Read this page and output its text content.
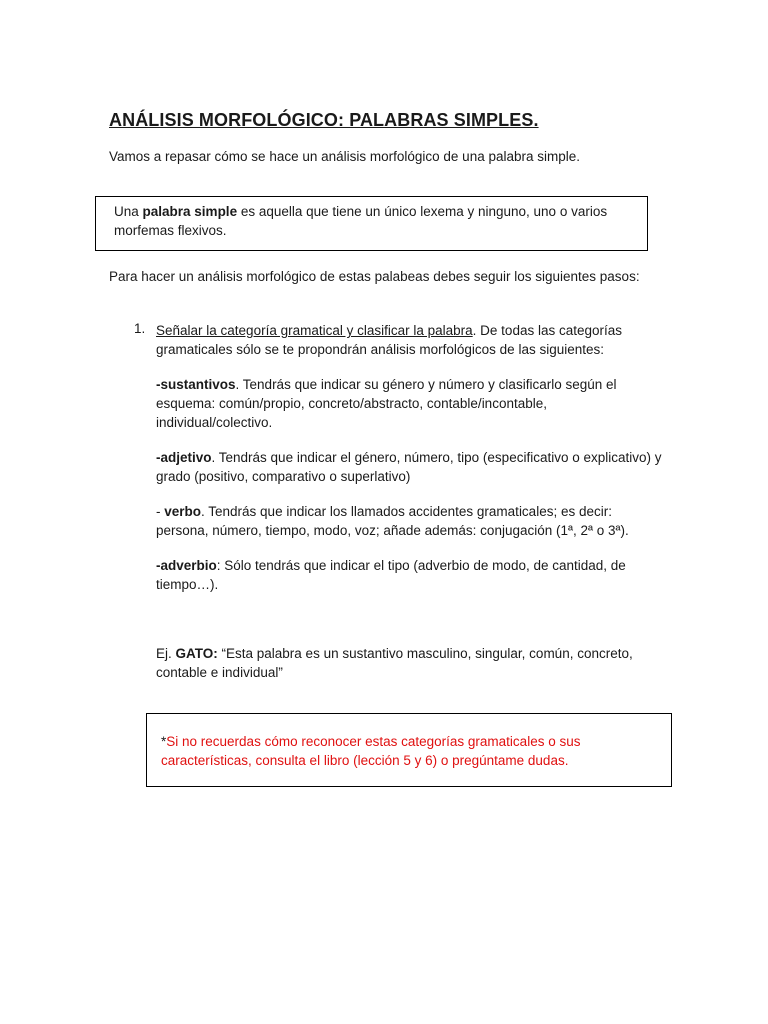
ANÁLISIS MORFOLÓGICO: PALABRAS SIMPLES.
Vamos a repasar cómo se hace un análisis morfológico de una palabra simple.
Una palabra simple es aquella que tiene un único lexema y ninguno, uno o varios morfemas flexivos.
Para hacer un análisis morfológico de estas palabeas debes seguir los siguientes pasos:
1. Señalar la categoría gramatical y clasificar la palabra. De todas las categorías gramaticales sólo se te propondrán análisis morfológicos de las siguientes:

-sustantivos. Tendrás que indicar su género y número y clasificarlo según el esquema: común/propio, concreto/abstracto, contable/incontable, individual/colectivo.

-adjetivo. Tendrás que indicar el género, número, tipo (especificativo o explicativo) y grado (positivo, comparativo o superlativo)

- verbo. Tendrás que indicar los llamados accidentes gramaticales; es decir: persona, número, tiempo, modo, voz; añade además: conjugación (1ª, 2ª o 3ª).

-adverbio: Sólo tendrás que indicar el tipo (adverbio de modo, de cantidad, de tiempo…).

Ej. GATO: “Esta palabra es un sustantivo masculino, singular, común, concreto, contable e individual”

*Si no recuerdas cómo reconocer estas categorías gramaticales o sus características, consulta el libro (lección 5 y 6) o pregúntame dudas.
